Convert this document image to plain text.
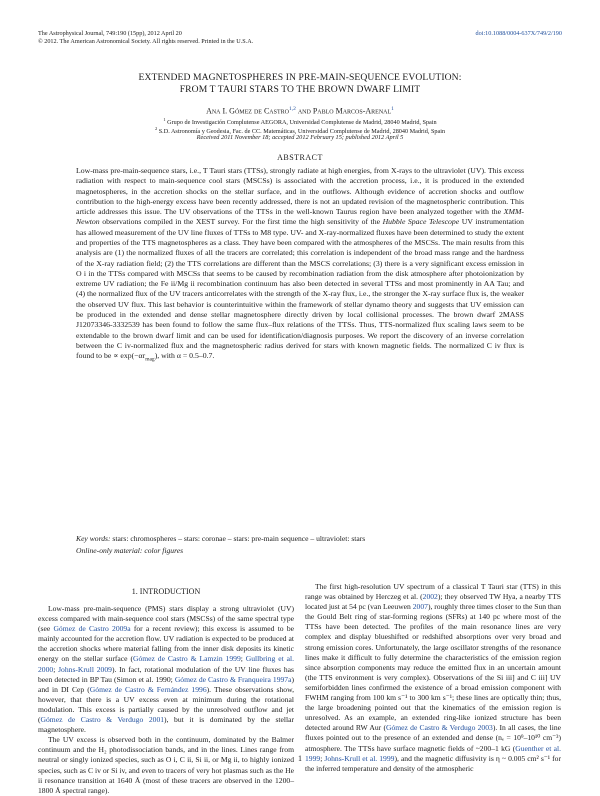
The Astrophysical Journal, 749:190 (15pp), 2012 April 20
© 2012. The American Astronomical Society. All rights reserved. Printed in the U.S.A.
doi:10.1088/0004-637X/749/2/190
EXTENDED MAGNETOSPHERES IN PRE-MAIN-SEQUENCE EVOLUTION:
FROM T TAURI STARS TO THE BROWN DWARF LIMIT
Ana I. Gómez de Castro$^{1,2}$ and Pablo Marcos-Arenal$^1$
$^1$ Grupo de Investigación Complutense AEGORA, Universidad Complutense de Madrid, 28040 Madrid, Spain
$^2$ S.D. Astronomía y Geodesia, Fac. de CC. Matemáticas, Universidad Complutense de Madrid, 28040 Madrid, Spain
Received 2011 November 18; accepted 2012 February 15; published 2012 April 5
ABSTRACT

Low-mass pre-main-sequence stars, i.e., T Tauri stars (TTSs), strongly radiate at high energies, from X-rays to the ultraviolet (UV). This excess radiation with respect to main-sequence cool stars (MSCSs) is associated with the accretion process, i.e., it is produced in the extended magnetospheres, in the accretion shocks on the stellar surface, and in the outflows. Although evidence of accretion shocks and outflow contribution to the high-energy excess have been recently addressed, there is not an updated revision of the magnetospheric contribution. This article addresses this issue. The UV observations of the TTSs in the well-known Taurus region have been analyzed together with the XMM-Newton observations compiled in the XEST survey. For the first time the high sensitivity of the Hubble Space Telescope UV instrumentation has allowed measurement of the UV line fluxes of TTSs to M8 type. UV- and X-ray-normalized fluxes have been determined to study the extent and properties of the TTS magnetospheres as a class. They have been compared with the atmospheres of the MSCSs. The main results from this analysis are (1) the normalized fluxes of all the tracers are correlated; this correlation is independent of the broad mass range and the hardness of the X-ray radiation field; (2) the TTS correlations are different than the MSCS correlations; (3) there is a very significant excess emission in O i in the TTSs compared with MSCSs that seems to be caused by recombination radiation from the disk atmosphere after photoionization by extreme UV radiation; the Fe ii/Mg ii recombination continuum has also been detected in several TTSs and most prominently in AA Tau; and (4) the normalized flux of the UV tracers anticorrelates with the strength of the X-ray flux, i.e., the stronger the X-ray surface flux is, the weaker the observed UV flux. This last behavior is counterintuitive within the framework of stellar dynamo theory and suggests that UV emission can be produced in the extended and dense stellar magnetosphere directly driven by local collisional processes. The brown dwarf 2MASS J12073346-3332539 has been found to follow the same flux–flux relations of the TTSs. Thus, TTS-normalized flux scaling laws seem to be extendable to the brown dwarf limit and can be used for identification/diagnosis purposes. We report the discovery of an inverse correlation between the C iv-normalized flux and the magnetospheric radius derived for stars with known magnetic fields. The normalized C iv flux is found to be ∝ $\exp(-\alpha r_{mag})$, with α = 0.5–0.7.

Key words: stars: chromospheres – stars: coronae – stars: pre-main sequence – ultraviolet: stars
Online-only material: color figures
1. INTRODUCTION

Low-mass pre-main-sequence (PMS) stars display a strong ultraviolet (UV) excess compared with main-sequence cool stars (MSCSs) of the same spectral type (see Gómez de Castro 2009a for a recent review); this excess is assumed to be mainly accounted for the accretion flow. UV radiation is expected to be produced at the accretion shocks where material falling from the inner disk deposits its kinetic energy on the stellar surface (Gómez de Castro & Lamzin 1999; Gullbring et al. 2000; Johns-Krull 2009). In fact, rotational modulation of the UV line fluxes has been detected in BP Tau (Simon et al. 1990; Gómez de Castro & Franqueira 1997a) and in DI Cep (Gómez de Castro & Fernández 1996). These observations show, however, that there is a UV excess even at minimum during the rotational modulation. This excess is partially caused by the unresolved outflow and jet (Gómez de Castro & Verdugo 2001), but it is dominated by the stellar magnetosphere.

The UV excess is observed both in the continuum, dominated by the Balmer continuum and the H₂ photodissociation bands, and in the lines. Lines range from neutral or singly ionized species, such as O i, C ii, Si ii, or Mg ii, to highly ionized species, such as C iv or Si iv, and even to tracers of very hot plasmas such as the He ii resonance transition at 1640 Å (most of these tracers are observed in the 1200–1800 Å spectral range).

The first high-resolution UV spectrum of a classical T Tauri star (TTS) in this range was obtained by Herczeg et al. (2002); they observed TW Hya, a nearby TTS located just at 54 pc (van Leeuwen 2007), roughly three times closer to the Sun than the Gould Belt ring of star-forming regions (SFRs) at 140 pc where most of the TTSs have been detected. The profiles of the main resonance lines are very complex and display blueshifted or redshifted absorptions over very broad and strong emission cores. Unfortunately, the large oscillator strengths of the resonance lines make it difficult to fully determine the characteristics of the emission region since absorption components may reduce the emitted flux in an uncertain amount (the TTS environment is very complex). Observations of the Si iii] and C iii] UV semiforbidden lines confirmed the existence of a broad emission component with FWHM ranging from 100 km s⁻¹ to 300 km s⁻¹; these lines are optically thin; thus, the large broadening pointed out that the kinematics of the emission region is unresolved. As an example, an extended ring-like ionized structure has been detected around RW Aur (Gómez de Castro & Verdugo 2003). In all cases, the line fluxes pointed out to the presence of an extended and dense (nₑ = 10⁹–10¹⁰ cm⁻³) atmosphere. The TTSs have surface magnetic fields of ~200–1 kG (Guenther et al. 1999; Johns-Krull et al. 1999), and the magnetic diffusivity is η ~ 0.005 cm² s⁻¹ for the inferred temperature and density of the atmospheric

1
